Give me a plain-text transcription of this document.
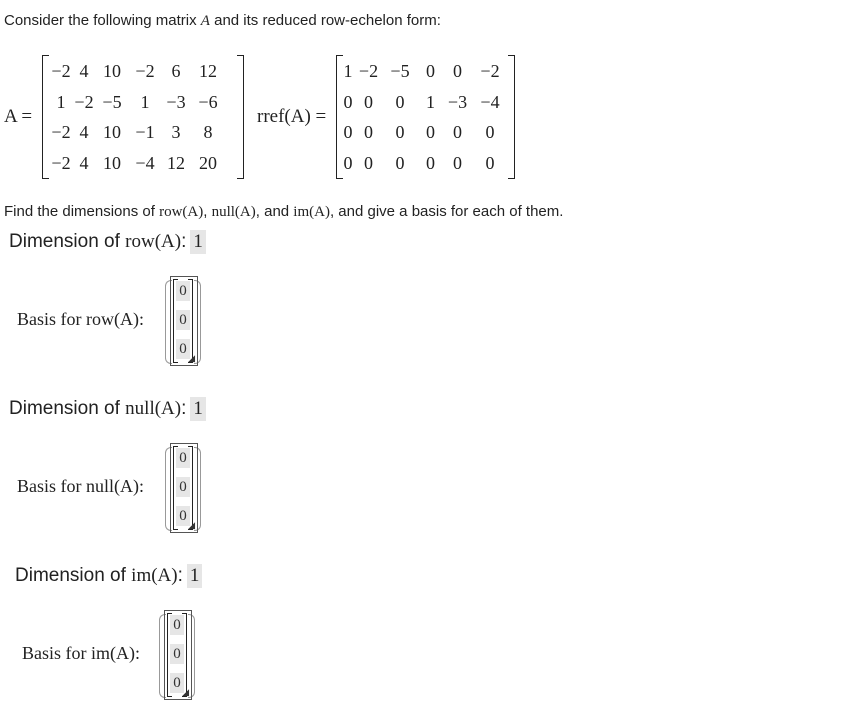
Consider the following matrix A and its reduced row-echelon form:
A =
−2 4 10 −2 6	12
1 −2 −5	1 −3 −6
−2 4 10 −1 3	8
−2 4 10 −4 12 20
rref(A) =
1 −2 −5 0	0	−2
0 0	0	1 −3 −4
0 0	0	0	0	0
0 0	0	0	0	0
Find the dimensions of row(A), null(A), and im(A), and give a basis for each of them.
Dimension of row(A): 1
Basis for row(A):
0
0
0
◢
Dimension of null(A): 1
Basis for null(A):
0
0
0
◢
Dimension of im(A): 1
Basis for im(A):
0
0
0
◢
